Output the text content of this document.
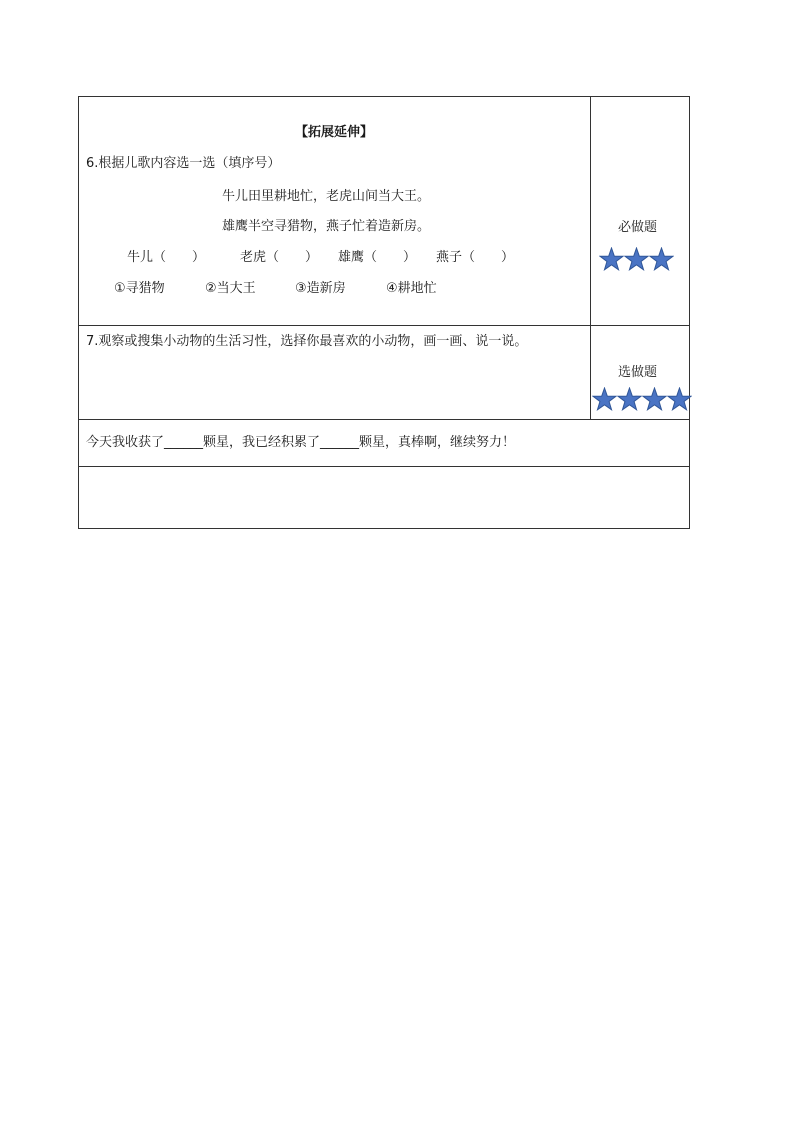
【拓展延伸】
6.根据儿歌内容选一选（填序号）
牛儿田里耕地忙，老虎山间当大王。
雄鹰半空寻猎物，燕子忙着造新房。
牛儿（　　）	老虎（　　） 雄鹰（　　） 燕子（　　）
①寻猎物	②当大王	③造新房	④耕地忙
必做题
7.观察或搜集小动物的生活习性，选择你最喜欢的小动物，画一画、说一说。
选做题
今天我收获了______颗星，我已经积累了______颗星，真棒啊，继续努力！
